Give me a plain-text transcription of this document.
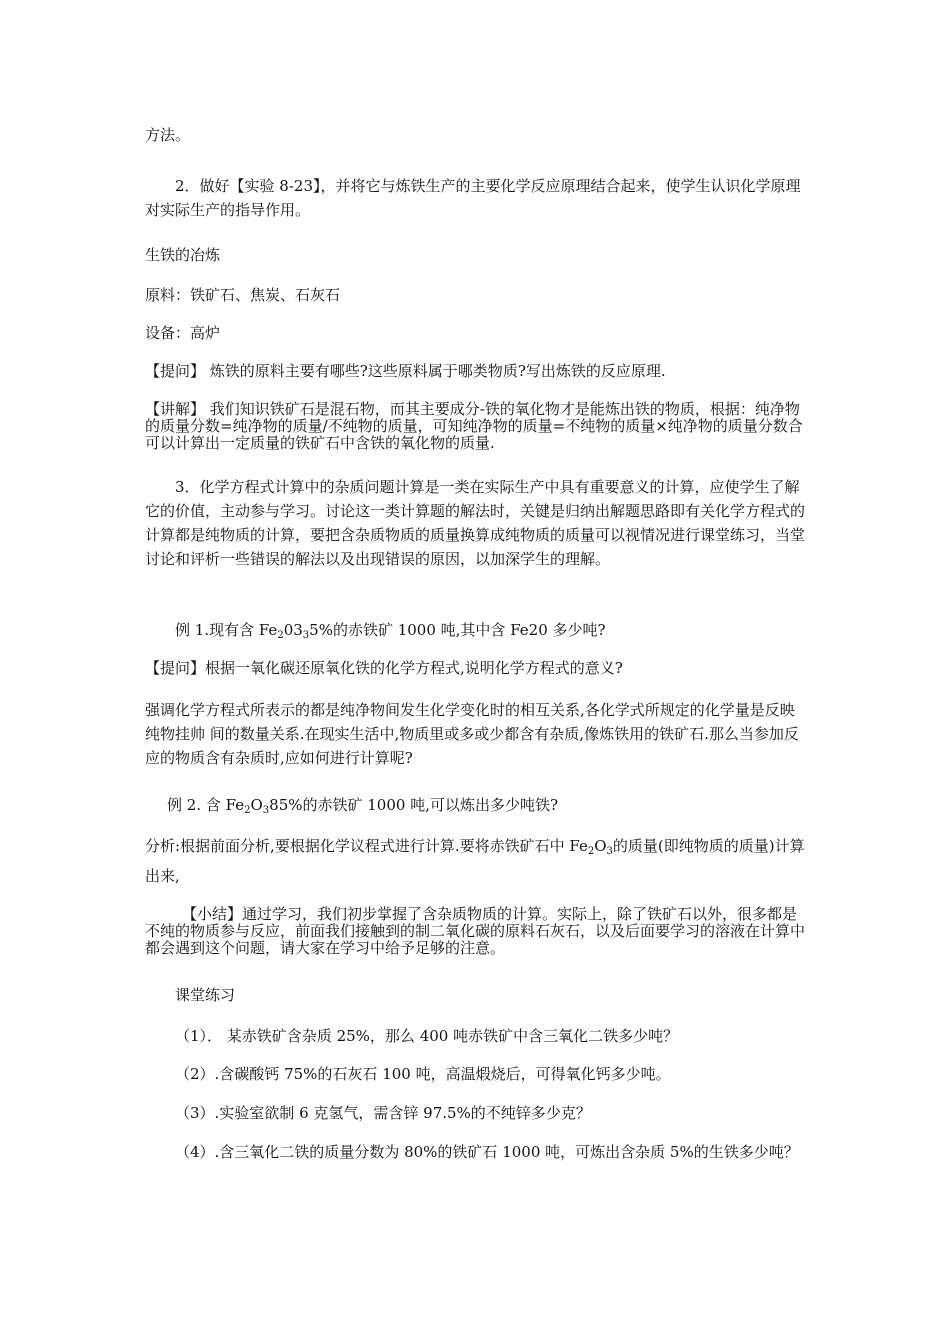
方法。

2．做好【实验 8-23】，并将它与炼铁生产的主要化学反应原理结合起来，使学生认识化学原理对实际生产的指导作用。

生铁的冶炼

原料：铁矿石、焦炭、石灰石

设备：高炉

【提问】 炼铁的原料主要有哪些?这些原料属于哪类物质?写出炼铁的反应原理.

【讲解】 我们知识铁矿石是混石物，而其主要成分-铁的氧化物才是能炼出铁的物质，根据：纯净物的质量分数=纯净物的质量/不纯物的质量，可知纯净物的质量=不纯物的质量×纯净物的质量分数合可以计算出一定质量的铁矿石中含铁的氧化物的质量.

3．化学方程式计算中的杂质问题计算是一类在实际生产中具有重要意义的计算，应使学生了解它的价值，主动参与学习。讨论这一类计算题的解法时，关键是归纳出解题思路即有关化学方程式的计算都是纯物质的计算，要把含杂质物质的质量换算成纯物质的质量可以视情况进行课堂练习，当堂讨论和评析一些错误的解法以及出现错误的原因，以加深学生的理解。

例 1.现有含 $Fe_203_35\%$的赤铁矿 1000 吨,其中含 Fe20 多少吨?

【提问】根据一氧化碳还原氧化铁的化学方程式,说明化学方程式的意义?

强调化学方程式所表示的都是纯净物间发生化学变化时的相互关系,各化学式所规定的化学量是反映纯物挂帅 间的数量关系.在现实生活中,物质里或多或少都含有杂质,像炼铁用的铁矿石.那么当参加反应的物质含有杂质时,应如何进行计算呢?

例 2. 含 $Fe_2O_385\%$的赤铁矿 1000 吨,可以炼出多少吨铁?

分析:根据前面分析,要根据化学议程式进行计算.要将赤铁矿石中 $Fe_2O_3$的质量(即纯物质的质量)计算出来,

【小结】通过学习，我们初步掌握了含杂质物质的计算。实际上，除了铁矿石以外，很多都是不纯的物质参与反应，前面我们接触到的制二氧化碳的原料石灰石，以及后面要学习的溶液在计算中都会遇到这个问题，请大家在学习中给予足够的注意。

课堂练习

（1）． 某赤铁矿含杂质 25%，那么 400 吨赤铁矿中含三氧化二铁多少吨？

（2）.含碳酸钙 75%的石灰石 100 吨，高温煅烧后，可得氧化钙多少吨。

（3）.实验室欲制 6 克氢气，需含锌 97.5%的不纯锌多少克？

（4）.含三氧化二铁的质量分数为 80%的铁矿石 1000 吨，可炼出含杂质 5%的生铁多少吨？
